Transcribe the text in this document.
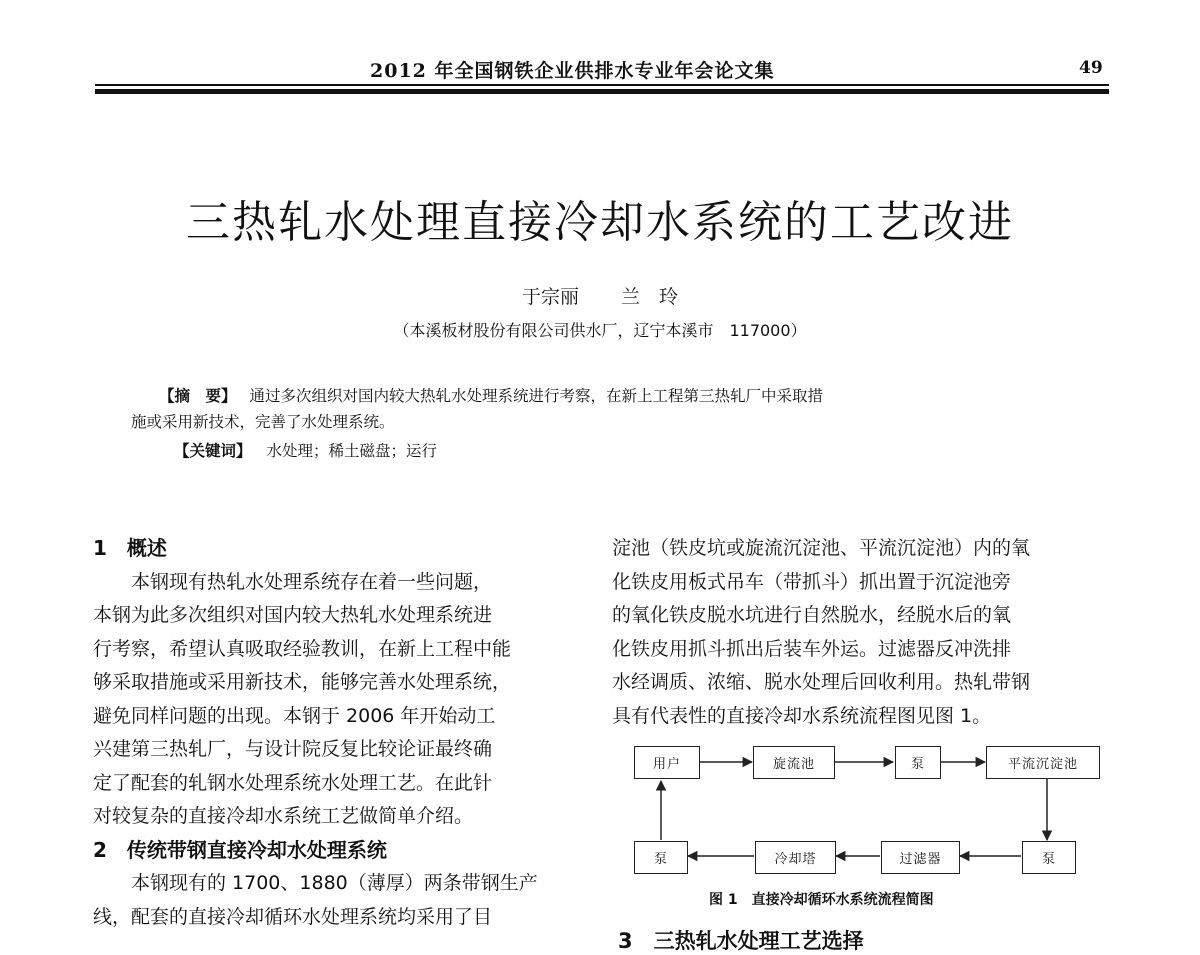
2012 年全国钢铁企业供排水专业年会论文集	49
三热轧水处理直接冷却水系统的工艺改进
于宗丽 兰　玲
（本溪板材股份有限公司供水厂，辽宁本溪市　117000）
【摘　要】 通过多次组织对国内较大热轧水处理系统进行考察，在新上工程第三热轧厂中采取措
施或采用新技术，完善了水处理系统。
【关键词】 水处理；稀土磁盘；运行

1　概述

　　本钢现有热轧水处理系统存在着一些问题，

本钢为此多次组织对国内较大热轧水处理系统进

行考察，希望认真吸取经验教训，在新上工程中能

够采取措施或采用新技术，能够完善水处理系统，

避免同样问题的出现。本钢于 2006 年开始动工

兴建第三热轧厂，与设计院反复比较论证最终确

定了配套的轧钢水处理系统水处理工艺。在此针

对较复杂的直接冷却水系统工艺做简单介绍。

2　传统带钢直接冷却水处理系统

　　本钢现有的 1700、1880（薄厚）两条带钢生产

线，配套的直接冷却循环水处理系统均采用了目

淀池（铁皮坑或旋流沉淀池、平流沉淀池）内的氧

化铁皮用板式吊车（带抓斗）抓出置于沉淀池旁

的氧化铁皮脱水坑进行自然脱水，经脱水后的氧

化铁皮用抓斗抓出后装车外运。过滤器反冲洗排

水经调质、浓缩、脱水处理后回收利用。热轧带钢

具有代表性的直接冷却水系统流程图见图 1。

用户	旋流池	泵	平流沉淀池
泵	冷却塔	过滤器	泵
图 1　直接冷却循环水系统流程简图
3　三热轧水处理工艺选择
